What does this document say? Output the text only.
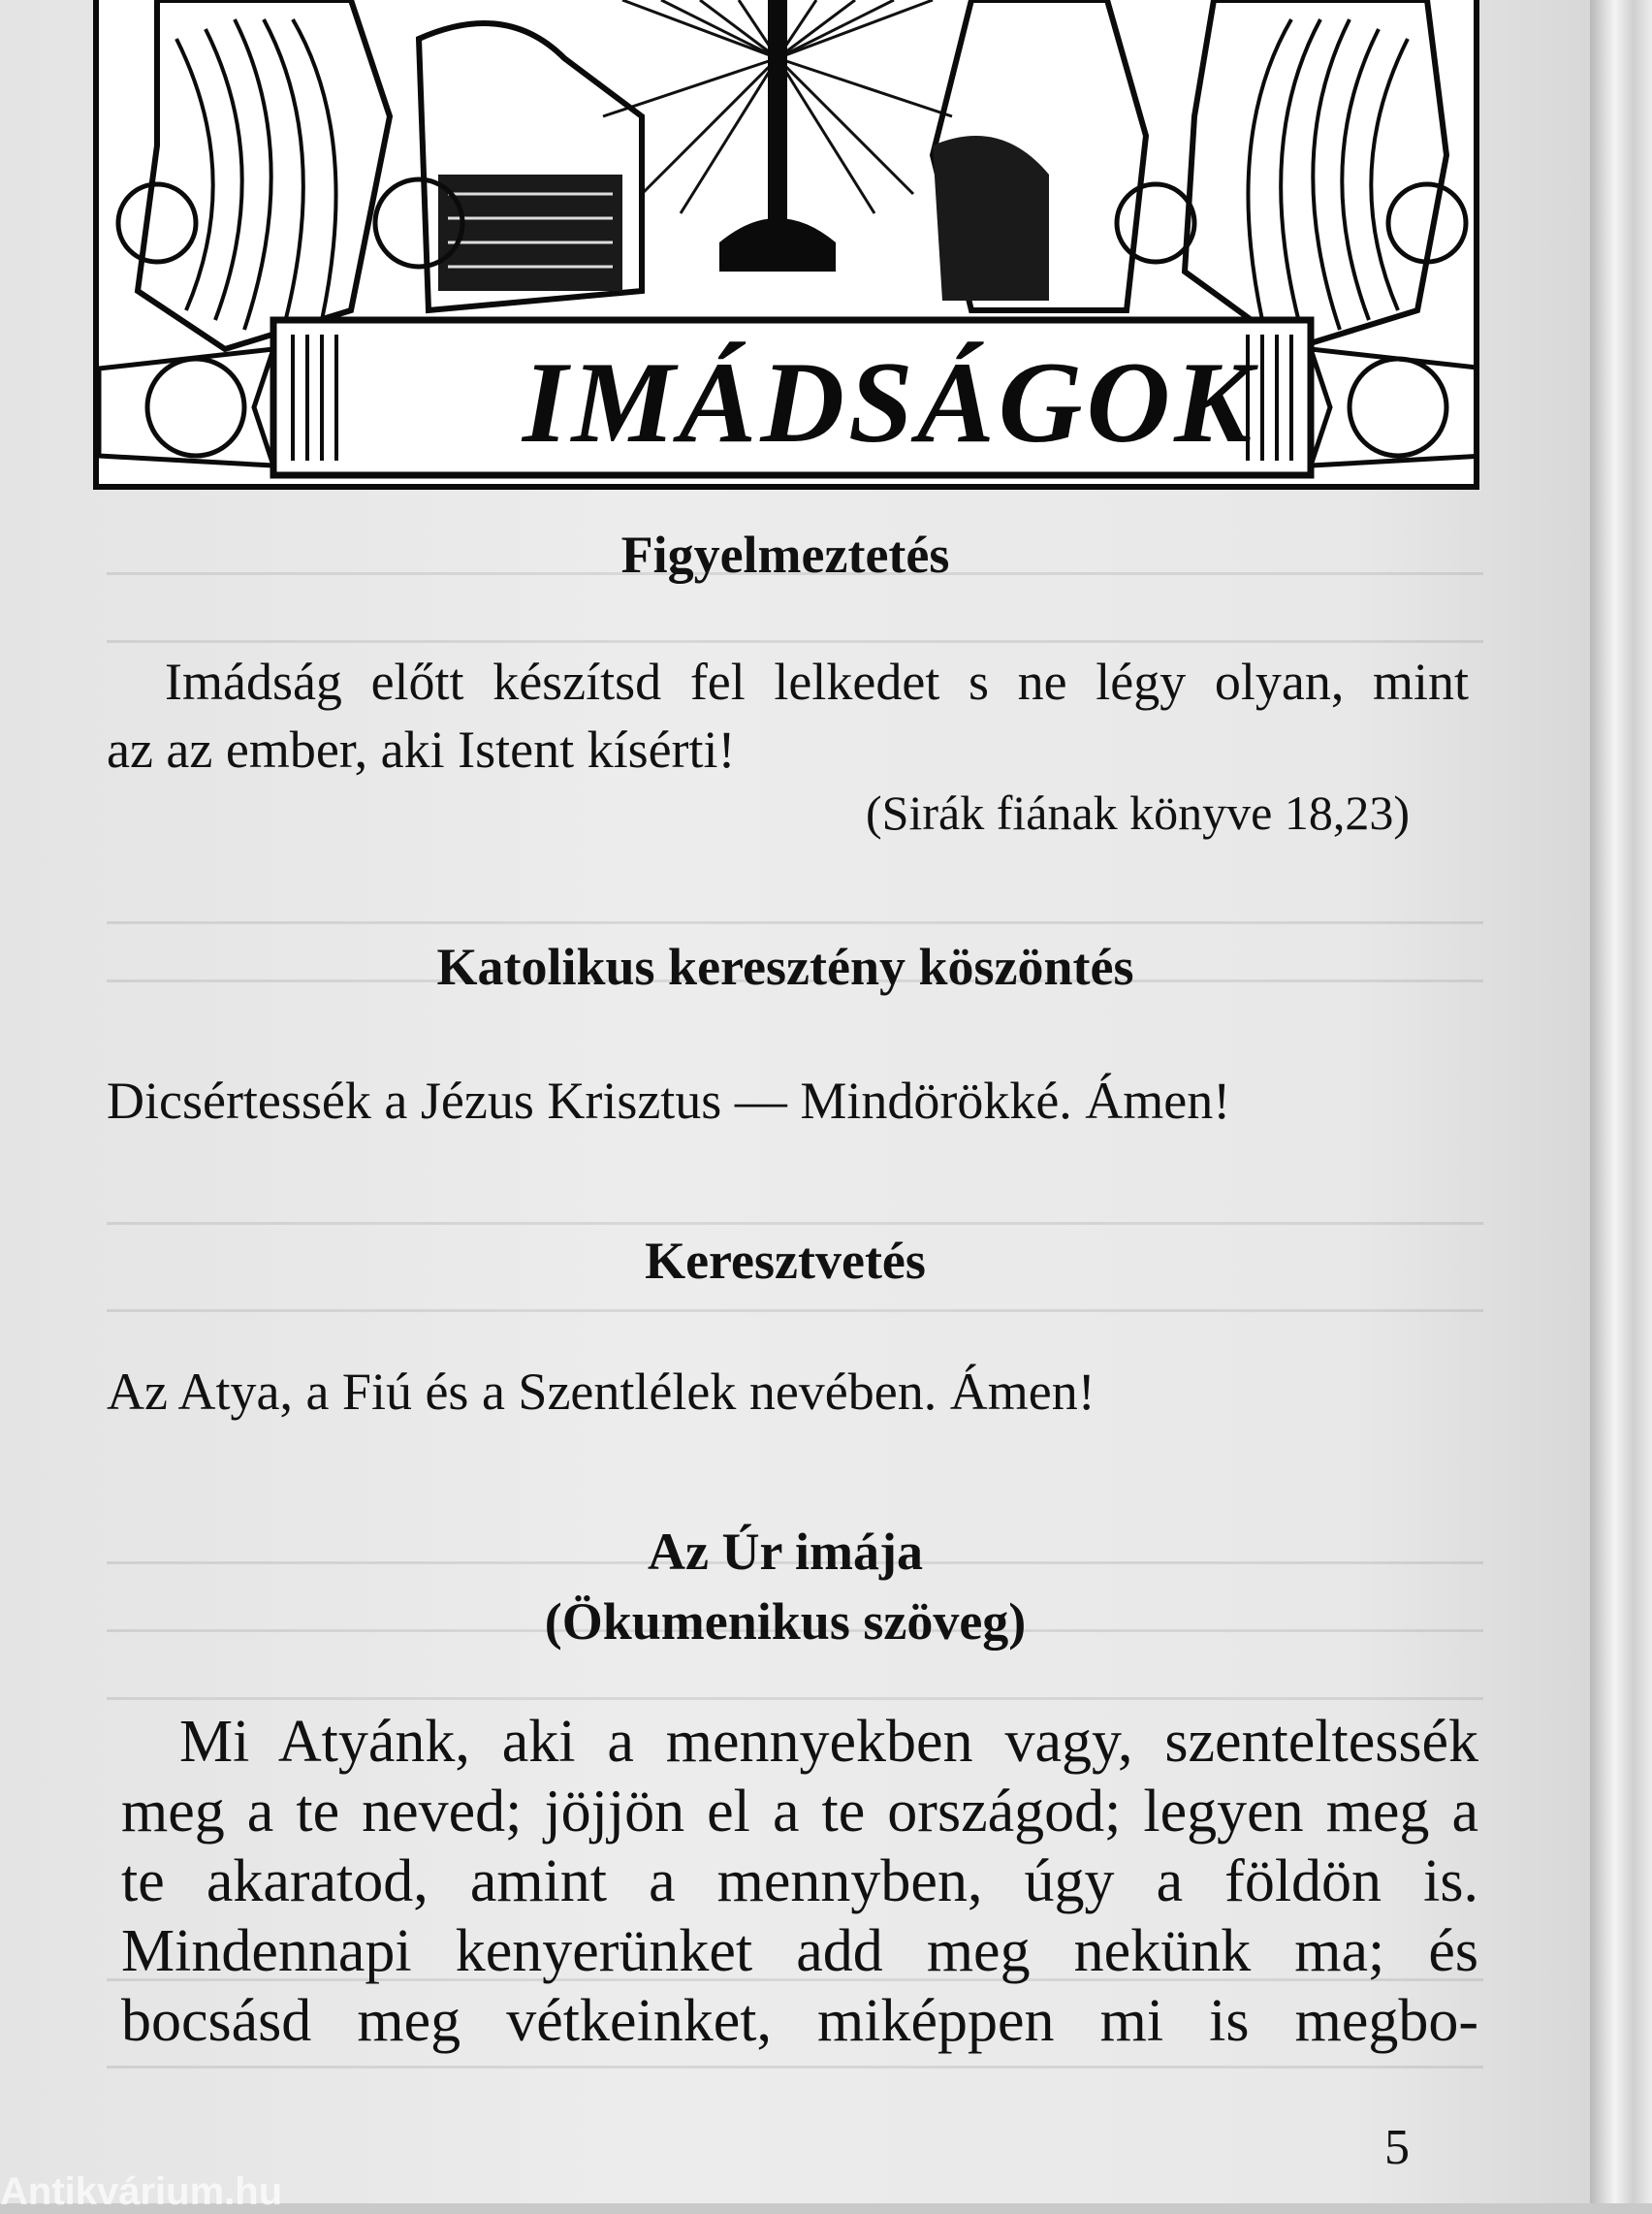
IMÁDSÁGOK
Figyelmeztetés
Imádság előtt készítsd fel lelkedet s ne légy olyan, mint
az az ember, aki Istent kísérti!
(Sirák fiának könyve 18,23)
Katolikus keresztény köszöntés
Dicsértessék a Jézus Krisztus — Mindörökké. Ámen!
Keresztvetés
Az Atya, a Fiú és a Szentlélek nevében. Ámen!
Az Úr imája
(Ökumenikus szöveg)
Mi Atyánk, aki a mennyekben vagy, szenteltessék
meg a te neved; jöjjön el a te országod; legyen meg a
te akaratod, amint a mennyben, úgy a földön is.
Mindennapi kenyerünket add meg nekünk ma; és
bocsásd meg vétkeinket, miképpen mi is megbo-
5
Antikvárium.hu
